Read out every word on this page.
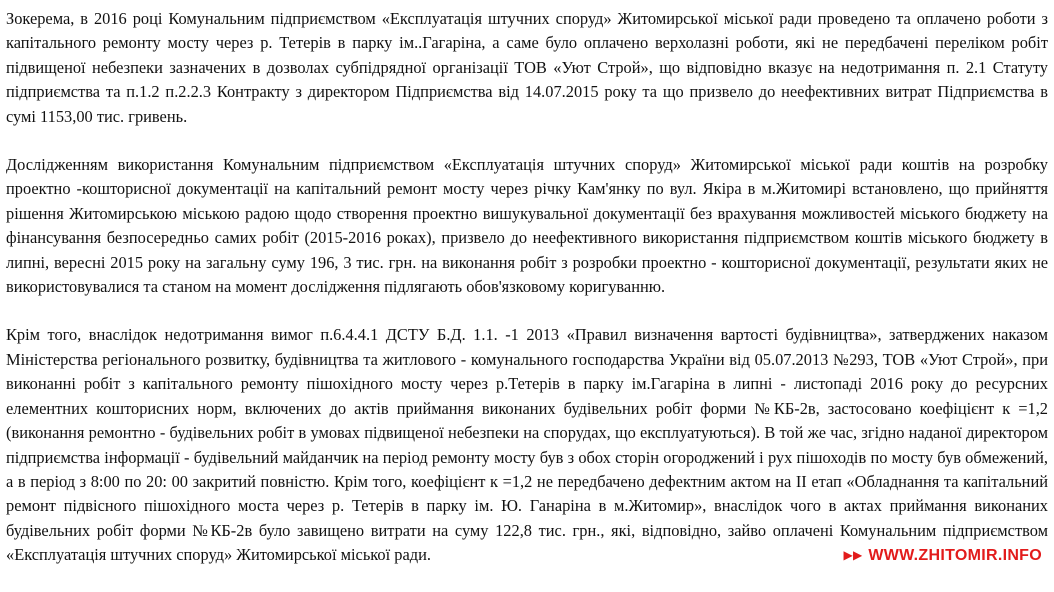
Зокерема, в 2016 році Комунальним підприємством «Експлуатація штучних споруд» Житомирської міської ради проведено та оплачено роботи з капітального ремонту мосту через р. Тетерів в парку ім..Гагаріна, а саме було оплачено верхолазні роботи, які не передбачені переліком робіт підвищеної небезпеки зазначених в дозволах субпідрядної організації ТОВ «Уют Строй», що відповідно вказує на недотримання п. 2.1 Статуту підприємства та п.1.2 п.2.2.3 Контракту з директором Підприємства від 14.07.2015 року та що призвело до неефективних витрат Підприємства в сумі 1153,00 тис. гривень.

Дослідженням використання Комунальним підприємством «Експлуатація штучних споруд» Житомирської міської ради коштів на розробку проектно -кошторисної документації на капітальний ремонт мосту через річку Кам'янку по вул. Якіра в м.Житомирі встановлено, що прийняття рішення Житомирською міською радою щодо створення проектно вишукувальної документації без врахування можливостей міського бюджету на фінансування безпосередньо самих робіт (2015-2016 роках), призвело до неефективного використання підприємством коштів міського бюджету в липні, вересні 2015 року на загальну суму 196, 3 тис. грн. на виконання робіт з розробки проектно - кошторисної документації, результати яких не використовувалися та станом на момент дослідження підлягають обов'язковому коригуванню.

Крім того, внаслідок недотримання вимог п.6.4.4.1 ДСТУ Б.Д. 1.1. -1 2013 «Правил визначення вартості будівництва», затверджених наказом Міністерства регіонального розвитку, будівництва та житлового - комунального господарства України від 05.07.2013 №293, ТОВ «Уют Строй», при виконанні робіт з капітального ремонту пішохідного мосту через р.Тетерів в парку ім.Гагаріна в липні - листопаді 2016 року до ресурсних елементних кошторисних норм, включених до актів приймання виконаних будівельних робіт форми №КБ-2в, застосовано коефіцієнт к =1,2 (виконання ремонтно - будівельних робіт в умовах підвищеної небезпеки на спорудах, що експлуатуються). В той же час, згідно наданої директором підприємства інформації - будівельний майданчик на період ремонту мосту був з обох сторін огороджений і рух пішоходів по мосту був обмежений, а в період з 8:00 по 20: 00 закритий повністю. Крім того, коефіцієнт к =1,2 не передбачено дефектним актом на II етап «Обладнання та капітальний ремонт підвісного пішохідного моста через р. Тетерів в парку ім. Ю. Ганаріна в м.Житомир», внаслідок чого в актах приймання виконаних будівельних робіт форми №КБ-2в було завищено витрати на суму 122,8 тис. грн., які, відповідно, зайво оплачені Комунальним підприємством «Експлуатація штучних споруд» Житомирської міської ради.	▶▶ WWW.ZHITOMIR.INFO
